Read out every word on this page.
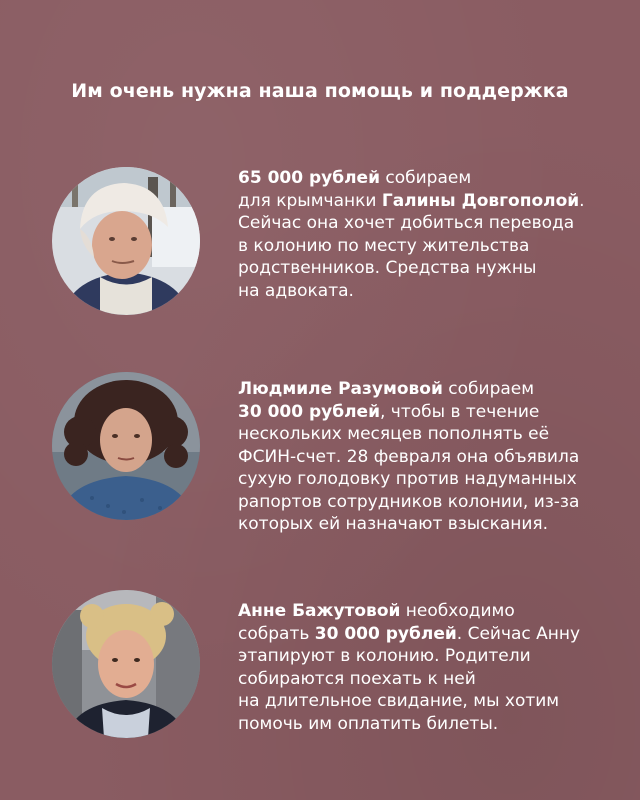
Им очень нужна наша помощь и поддержка
65 000 рублей собираем
для крымчанки Галины Довгополой.
Сейчас она хочет добиться перевода
в колонию по месту жительства
родственников. Средства нужны
на адвоката.
Людмиле Разумовой собираем
30 000 рублей, чтобы в течение
нескольких месяцев пополнять её
ФСИН-счет. 28 февраля она объявила
сухую голодовку против надуманных
рапортов сотрудников колонии, из-за
которых ей назначают взыскания.
Анне Бажутовой необходимо
собрать 30 000 рублей. Сейчас Анну
этапируют в колонию. Родители
собираются поехать к ней
на длительное свидание, мы хотим
помочь им оплатить билеты.
